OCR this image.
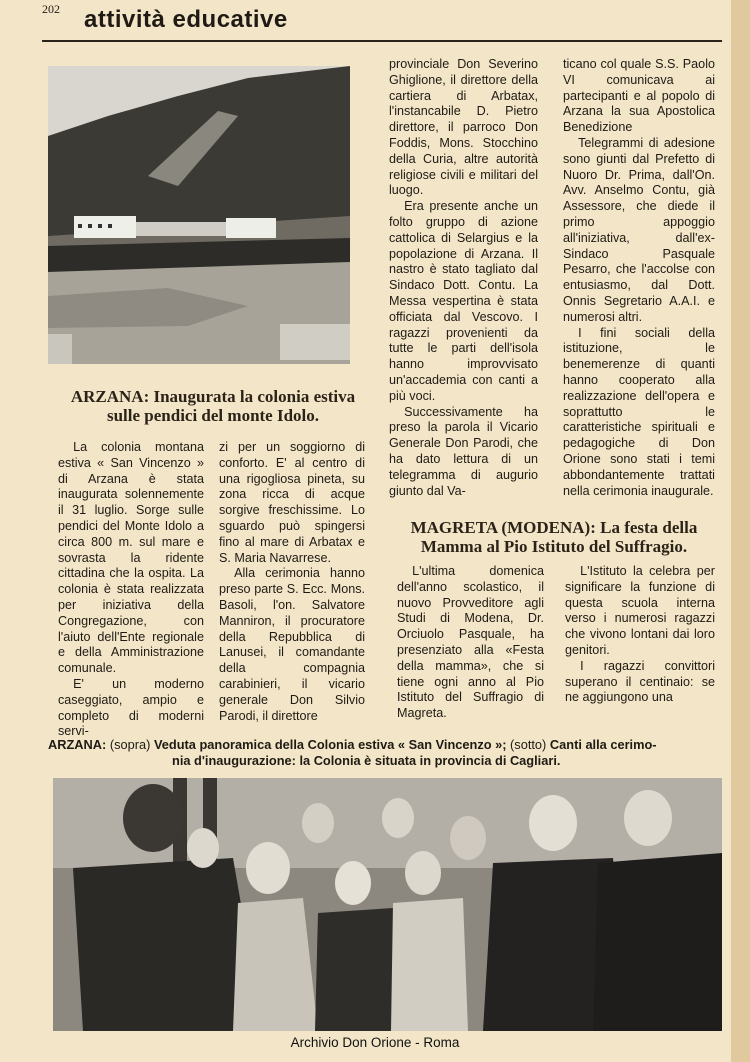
202 attività educative
ARZANA: Inaugurata la colonia estiva
sulle pendici del monte Idolo.

La colonia montana estiva « San Vincenzo » di Arzana è stata inaugurata solennemente il 31 luglio. Sorge sulle pendici del Monte Idolo a circa 800 m. sul mare e sovrasta la ridente cittadina che la ospita. La colonia è stata realizzata per iniziativa della Congregazione, con l'aiuto dell'Ente regionale e della Amministrazione comunale.

E' un moderno caseggiato, ampio e completo di moderni servi-

zi per un soggiorno di conforto. E' al centro di una rigogliosa pineta, su zona ricca di acque sorgive freschissime. Lo sguardo può spingersi fino al mare di Arbatax e S. Maria Navarrese.

Alla cerimonia hanno preso parte S. Ecc. Mons. Basoli, l'on. Salvatore Manniron, il procuratore della Repubblica di Lanusei, il comandante della compagnia carabinieri, il vicario generale Don Silvio Parodi, il direttore

provinciale Don Severino Ghiglione, il direttore della cartiera di Arbatax, l'instancabile D. Pietro direttore, il parroco Don Foddis, Mons. Stocchino della Curia, altre autorità religiose civili e militari del luogo.

Era presente anche un folto gruppo di azione cattolica di Selargius e la popolazione di Arzana. Il nastro è stato tagliato dal Sindaco Dott. Contu. La Messa vespertina è stata officiata dal Vescovo. I ragazzi provenienti da tutte le parti dell'isola hanno improvvisato un'accademia con canti a più voci.

Successivamente ha preso la parola il Vicario Generale Don Parodi, che ha dato lettura di un telegramma di augurio giunto dal Va-

ticano col quale S.S. Paolo VI comunicava ai partecipanti e al popolo di Arzana la sua Apostolica Benedizione

Telegrammi di adesione sono giunti dal Prefetto di Nuoro Dr. Prima, dall'On. Avv. Anselmo Contu, già Assessore, che diede il primo appoggio all'iniziativa, dall'ex-Sindaco Pasquale Pesarro, che l'accolse con entusiasmo, dal Dott. Onnis Segretario A.A.I. e numerosi altri.

I fini sociali della istituzione, le benemerenze di quanti hanno cooperato alla realizzazione dell'opera e soprattutto le caratteristiche spirituali e pedagogiche di Don Orione sono stati i temi abbondantemente trattati nella cerimonia inaugurale.

MAGRETA (MODENA): La festa della
Mamma al Pio Istituto del Suffragio.

L'ultima domenica dell'anno scolastico, il nuovo Provveditore agli Studi di Modena, Dr. Orciuolo Pasquale, ha presenziato alla «Festa della mamma», che si tiene ogni anno al Pio Istituto del Suffragio di Magreta.

L'Istituto la celebra per significare la funzione di questa scuola interna verso i numerosi ragazzi che vivono lontani dai loro genitori.

I ragazzi convittori superano il centinaio: se ne aggiungono una

ARZANA: (sopra) Veduta panoramica della Colonia estiva « San Vincenzo »; (sotto) Canti alla cerimo-
nia d'inaugurazione: la Colonia è situata in provincia di Cagliari.
Archivio Don Orione - Roma
